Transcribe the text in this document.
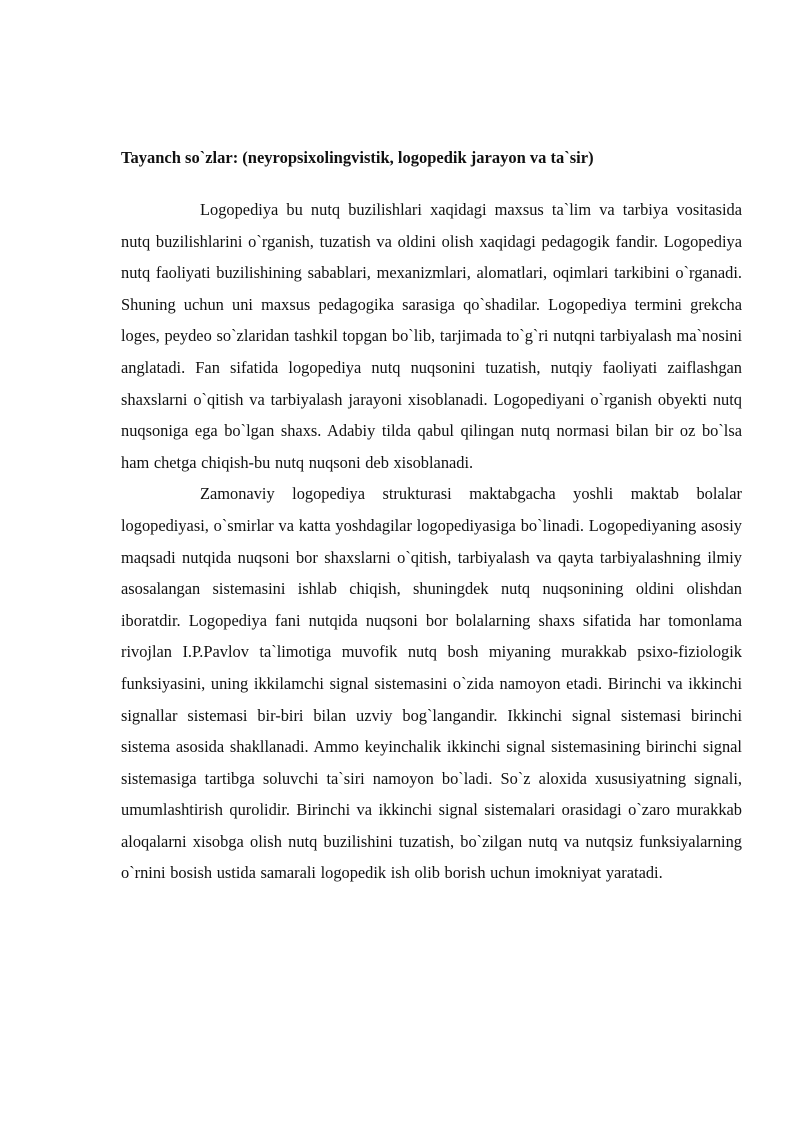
Tayanch so`zlar: (neyropsixolingvistik, logopedik jarayon va ta`sir)

Logopediya bu nutq buzilishlari xaqidagi maxsus ta`lim va tarbiya vositasida nutq buzilishlarini o`rganish, tuzatish va oldini olish xaqidagi pedagogik fandir. Logopediya nutq faoliyati buzilishining sabablari, mexanizmlari, alomatlari, oqimlari tarkibini o`rganadi. Shuning uchun uni maxsus pedagogika sarasiga qo`shadilar. Logopediya termini grekcha loges, peydeo so`zlaridan tashkil topgan bo`lib, tarjimada to`g`ri nutqni tarbiyalash ma`nosini anglatadi. Fan sifatida logopediya nutq nuqsonini tuzatish, nutqiy faoliyati zaiflashgan shaxslarni o`qitish va tarbiyalash jarayoni xisoblanadi. Logopediyani o`rganish obyekti nutq nuqsoniga ega bo`lgan shaxs. Adabiy tilda qabul qilingan nutq normasi bilan bir oz bo`lsa ham chetga chiqish-bu nutq nuqsoni deb xisoblanadi.

Zamonaviy logopediya strukturasi maktabgacha yoshli maktab bolalar logopediyasi, o`smirlar va katta yoshdagilar logopediyasiga bo`linadi. Logopediyaning asosiy maqsadi nutqida nuqsoni bor shaxslarni o`qitish, tarbiyalash va qayta tarbiyalashning ilmiy asosalangan sistemasini ishlab chiqish, shuningdek nutq nuqsonining oldini olishdan iboratdir. Logopediya fani nutqida nuqsoni bor bolalarning shaxs sifatida har tomonlama rivojlan I.P.Pavlov ta`limotiga muvofik nutq bosh miyaning murakkab psixo-fiziologik funksiyasini, uning ikkilamchi signal sistemasini o`zida namoyon etadi. Birinchi va ikkinchi signallar sistemasi bir-biri bilan uzviy bog`langandir. Ikkinchi signal sistemasi birinchi sistema asosida shakllanadi. Ammo keyinchalik ikkinchi signal sistemasining birinchi signal sistemasiga tartibga soluvchi ta`siri namoyon bo`ladi. So`z aloxida xususiyatning signali, umumlashtirish qurolidir. Birinchi va ikkinchi signal sistemalari orasidagi o`zaro murakkab aloqalarni xisobga olish nutq buzilishini tuzatish, bo`zilgan nutq va nutqsiz funksiyalarning o`rnini bosish ustida samarali logopedik ish olib borish uchun imokniyat yaratadi.
